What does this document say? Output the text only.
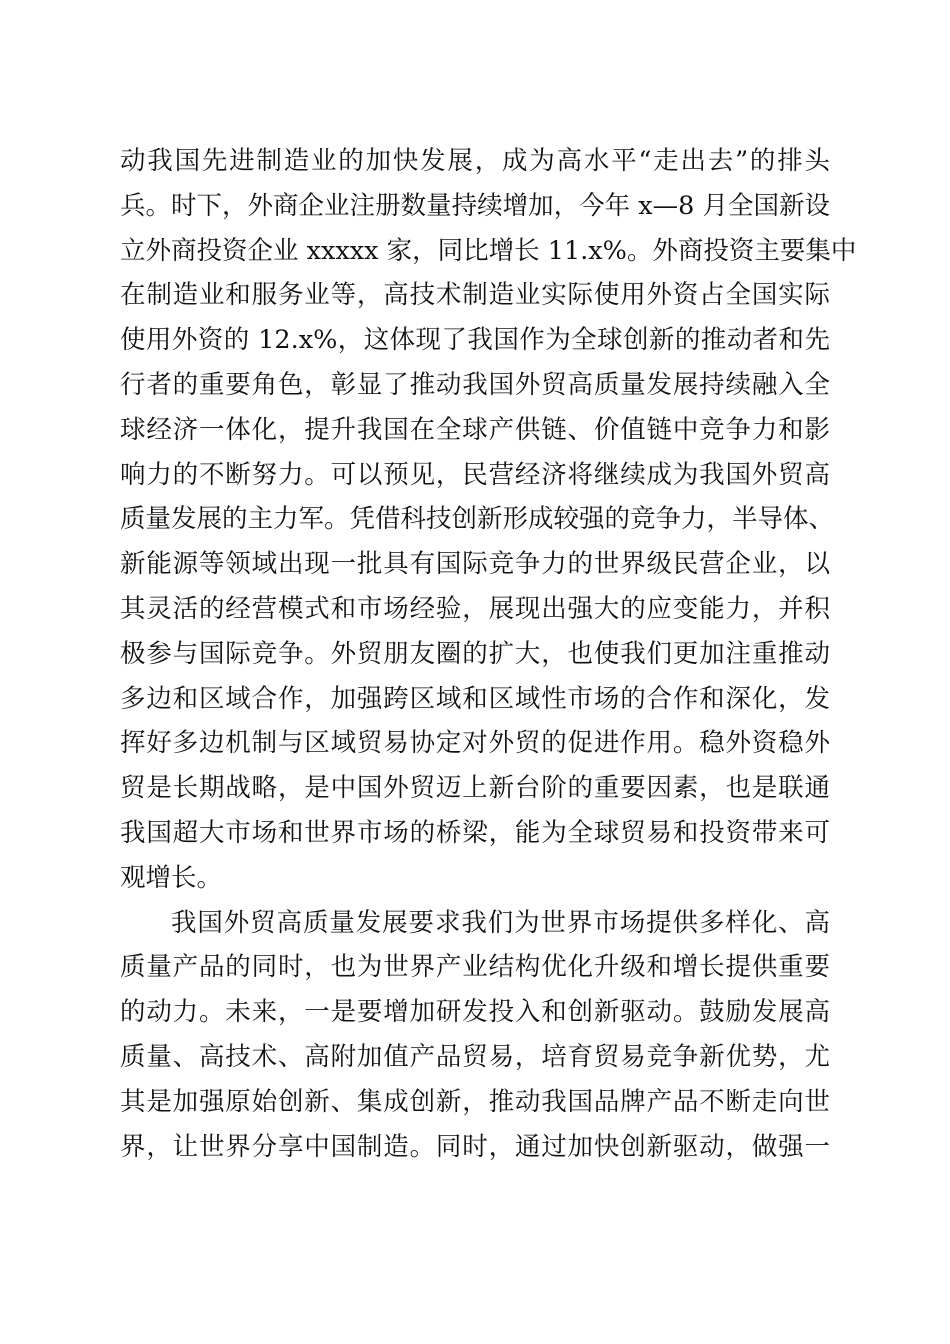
动我国先进制造业的加快发展，成为高水平“走出去”的排头
兵。时下，外商企业注册数量持续增加，今年 x—8 月全国新设
立外商投资企业 xxxxx 家，同比增长 11.x%。外商投资主要集中
在制造业和服务业等，高技术制造业实际使用外资占全国实际
使用外资的 12.x%，这体现了我国作为全球创新的推动者和先
行者的重要角色，彰显了推动我国外贸高质量发展持续融入全
球经济一体化，提升我国在全球产供链、价值链中竞争力和影
响力的不断努力。可以预见，民营经济将继续成为我国外贸高
质量发展的主力军。凭借科技创新形成较强的竞争力，半导体、
新能源等领域出现一批具有国际竞争力的世界级民营企业，以
其灵活的经营模式和市场经验，展现出强大的应变能力，并积
极参与国际竞争。外贸朋友圈的扩大，也使我们更加注重推动
多边和区域合作，加强跨区域和区域性市场的合作和深化，发
挥好多边机制与区域贸易协定对外贸的促进作用。稳外资稳外
贸是长期战略，是中国外贸迈上新台阶的重要因素，也是联通
我国超大市场和世界市场的桥梁，能为全球贸易和投资带来可
观增长。
我国外贸高质量发展要求我们为世界市场提供多样化、高
质量产品的同时，也为世界产业结构优化升级和增长提供重要
的动力。未来，一是要增加研发投入和创新驱动。鼓励发展高
质量、高技术、高附加值产品贸易，培育贸易竞争新优势，尤
其是加强原始创新、集成创新，推动我国品牌产品不断走向世
界，让世界分享中国制造。同时，通过加快创新驱动，做强一
